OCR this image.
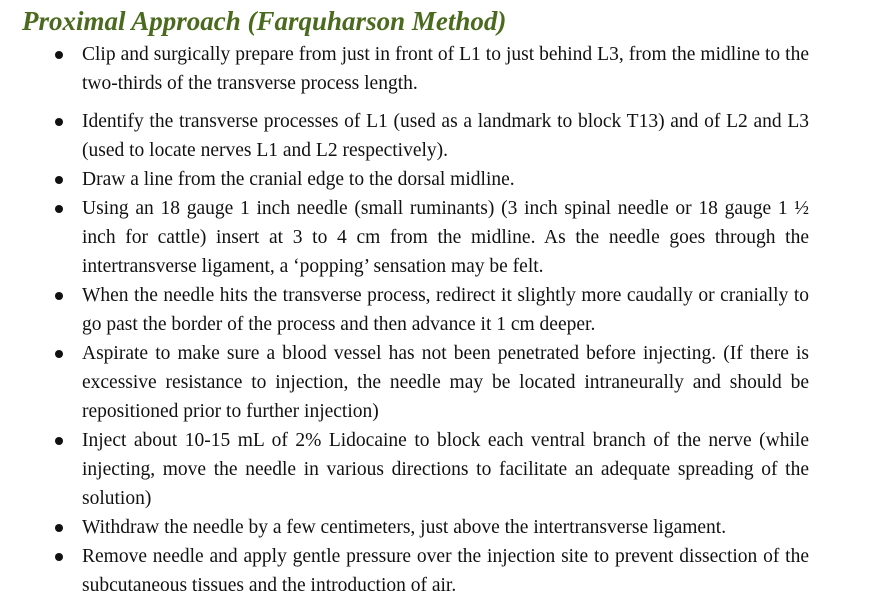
Proximal Approach (Farquharson Method)
Clip and surgically prepare from just in front of L1 to just behind L3, from the midline to the two-thirds of the transverse process length.
Identify the transverse processes of L1 (used as a landmark to block T13) and of L2 and L3 (used to locate nerves L1 and L2 respectively).
Draw a line from the cranial edge to the dorsal midline.
Using an 18 gauge 1 inch needle (small ruminants) (3 inch spinal needle or 18 gauge 1 ½ inch for cattle) insert at 3 to 4 cm from the midline. As the needle goes through the intertransverse ligament, a ‘popping’ sensation may be felt.
When the needle hits the transverse process, redirect it slightly more caudally or cranially to go past the border of the process and then advance it 1 cm deeper.
Aspirate to make sure a blood vessel has not been penetrated before injecting. (If there is excessive resistance to injection, the needle may be located intraneurally and should be repositioned prior to further injection)
Inject about 10-15 mL of 2% Lidocaine to block each ventral branch of the nerve (while injecting, move the needle in various directions to facilitate an adequate spreading of the solution)
Withdraw the needle by a few centimeters, just above the intertransverse ligament.
Remove needle and apply gentle pressure over the injection site to prevent dissection of the subcutaneous tissues and the introduction of air.
